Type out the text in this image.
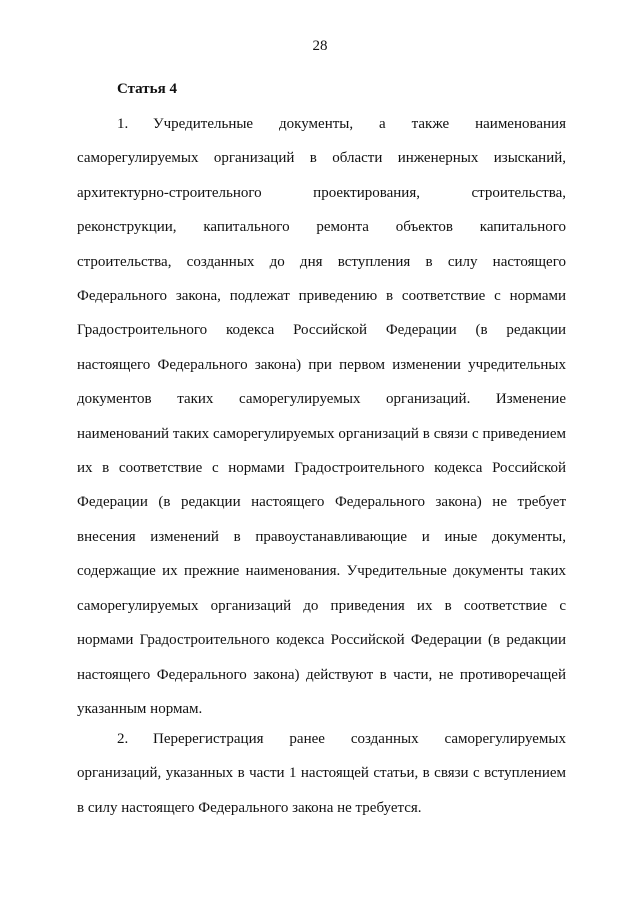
28
Статья 4

1. Учредительные документы, а также наименования саморегулируемых организаций в области инженерных изысканий, архитектурно-строительного проектирования, строительства, реконструкции, капитального ремонта объектов капитального строительства, созданных до дня вступления в силу настоящего Федерального закона, подлежат приведению в соответствие с нормами Градостроительного кодекса Российской Федерации (в редакции настоящего Федерального закона) при первом изменении учредительных документов таких саморегулируемых организаций. Изменение наименований таких саморегулируемых организаций в связи с приведением их в соответствие с нормами Градостроительного кодекса Российской Федерации (в редакции настоящего Федерального закона) не требует внесения изменений в правоустанавливающие и иные документы, содержащие их прежние наименования. Учредительные документы таких саморегулируемых организаций до приведения их в соответствие с нормами Градостроительного кодекса Российской Федерации (в редакции настоящего Федерального закона) действуют в части, не противоречащей указанным нормам.

2. Перерегистрация ранее созданных саморегулируемых организаций, указанных в части 1 настоящей статьи, в связи с вступлением в силу настоящего Федерального закона не требуется.
